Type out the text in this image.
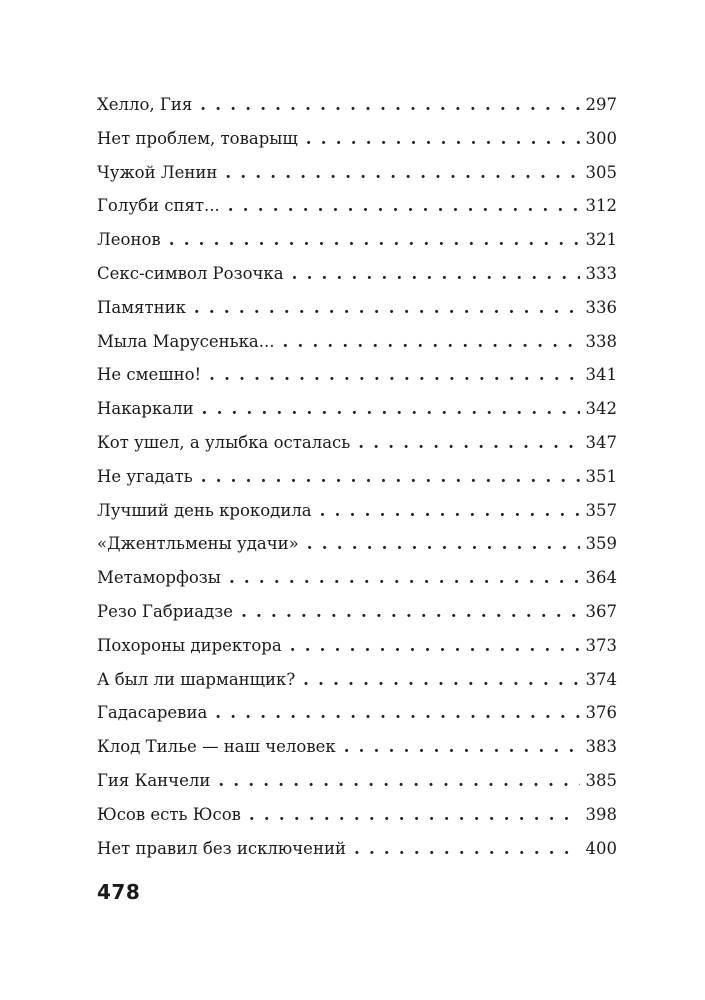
Хелло, Гия . . .	297
Нет проблем, товарыщ . . .	300
Чужой Ленин . . .	305
Голуби спят... . . .	312
Леонов . . .	321
Секс-символ Розочка . . .	333
Памятник . . .	336
Мыла Марусенька... . . .	338
Не смешно! . . .	341
Накаркали . . .	342
Кот ушел, а улыбка осталась . . .	347
Не угадать . . .	351
Лучший день крокодила . . .	357
«Джентльмены удачи» . . .	359
Метаморфозы . . .	364
Резо Габриадзе . . .	367
Похороны директора . . .	373
А был ли шарманщик? . . .	374
Гадасаревиа . . .	376
Клод Тилье — наш человек . . .	383
Гия Канчели . . .	385
Юсов есть Юсов . . .	398
Нет правил без исключений . . .	400
478
